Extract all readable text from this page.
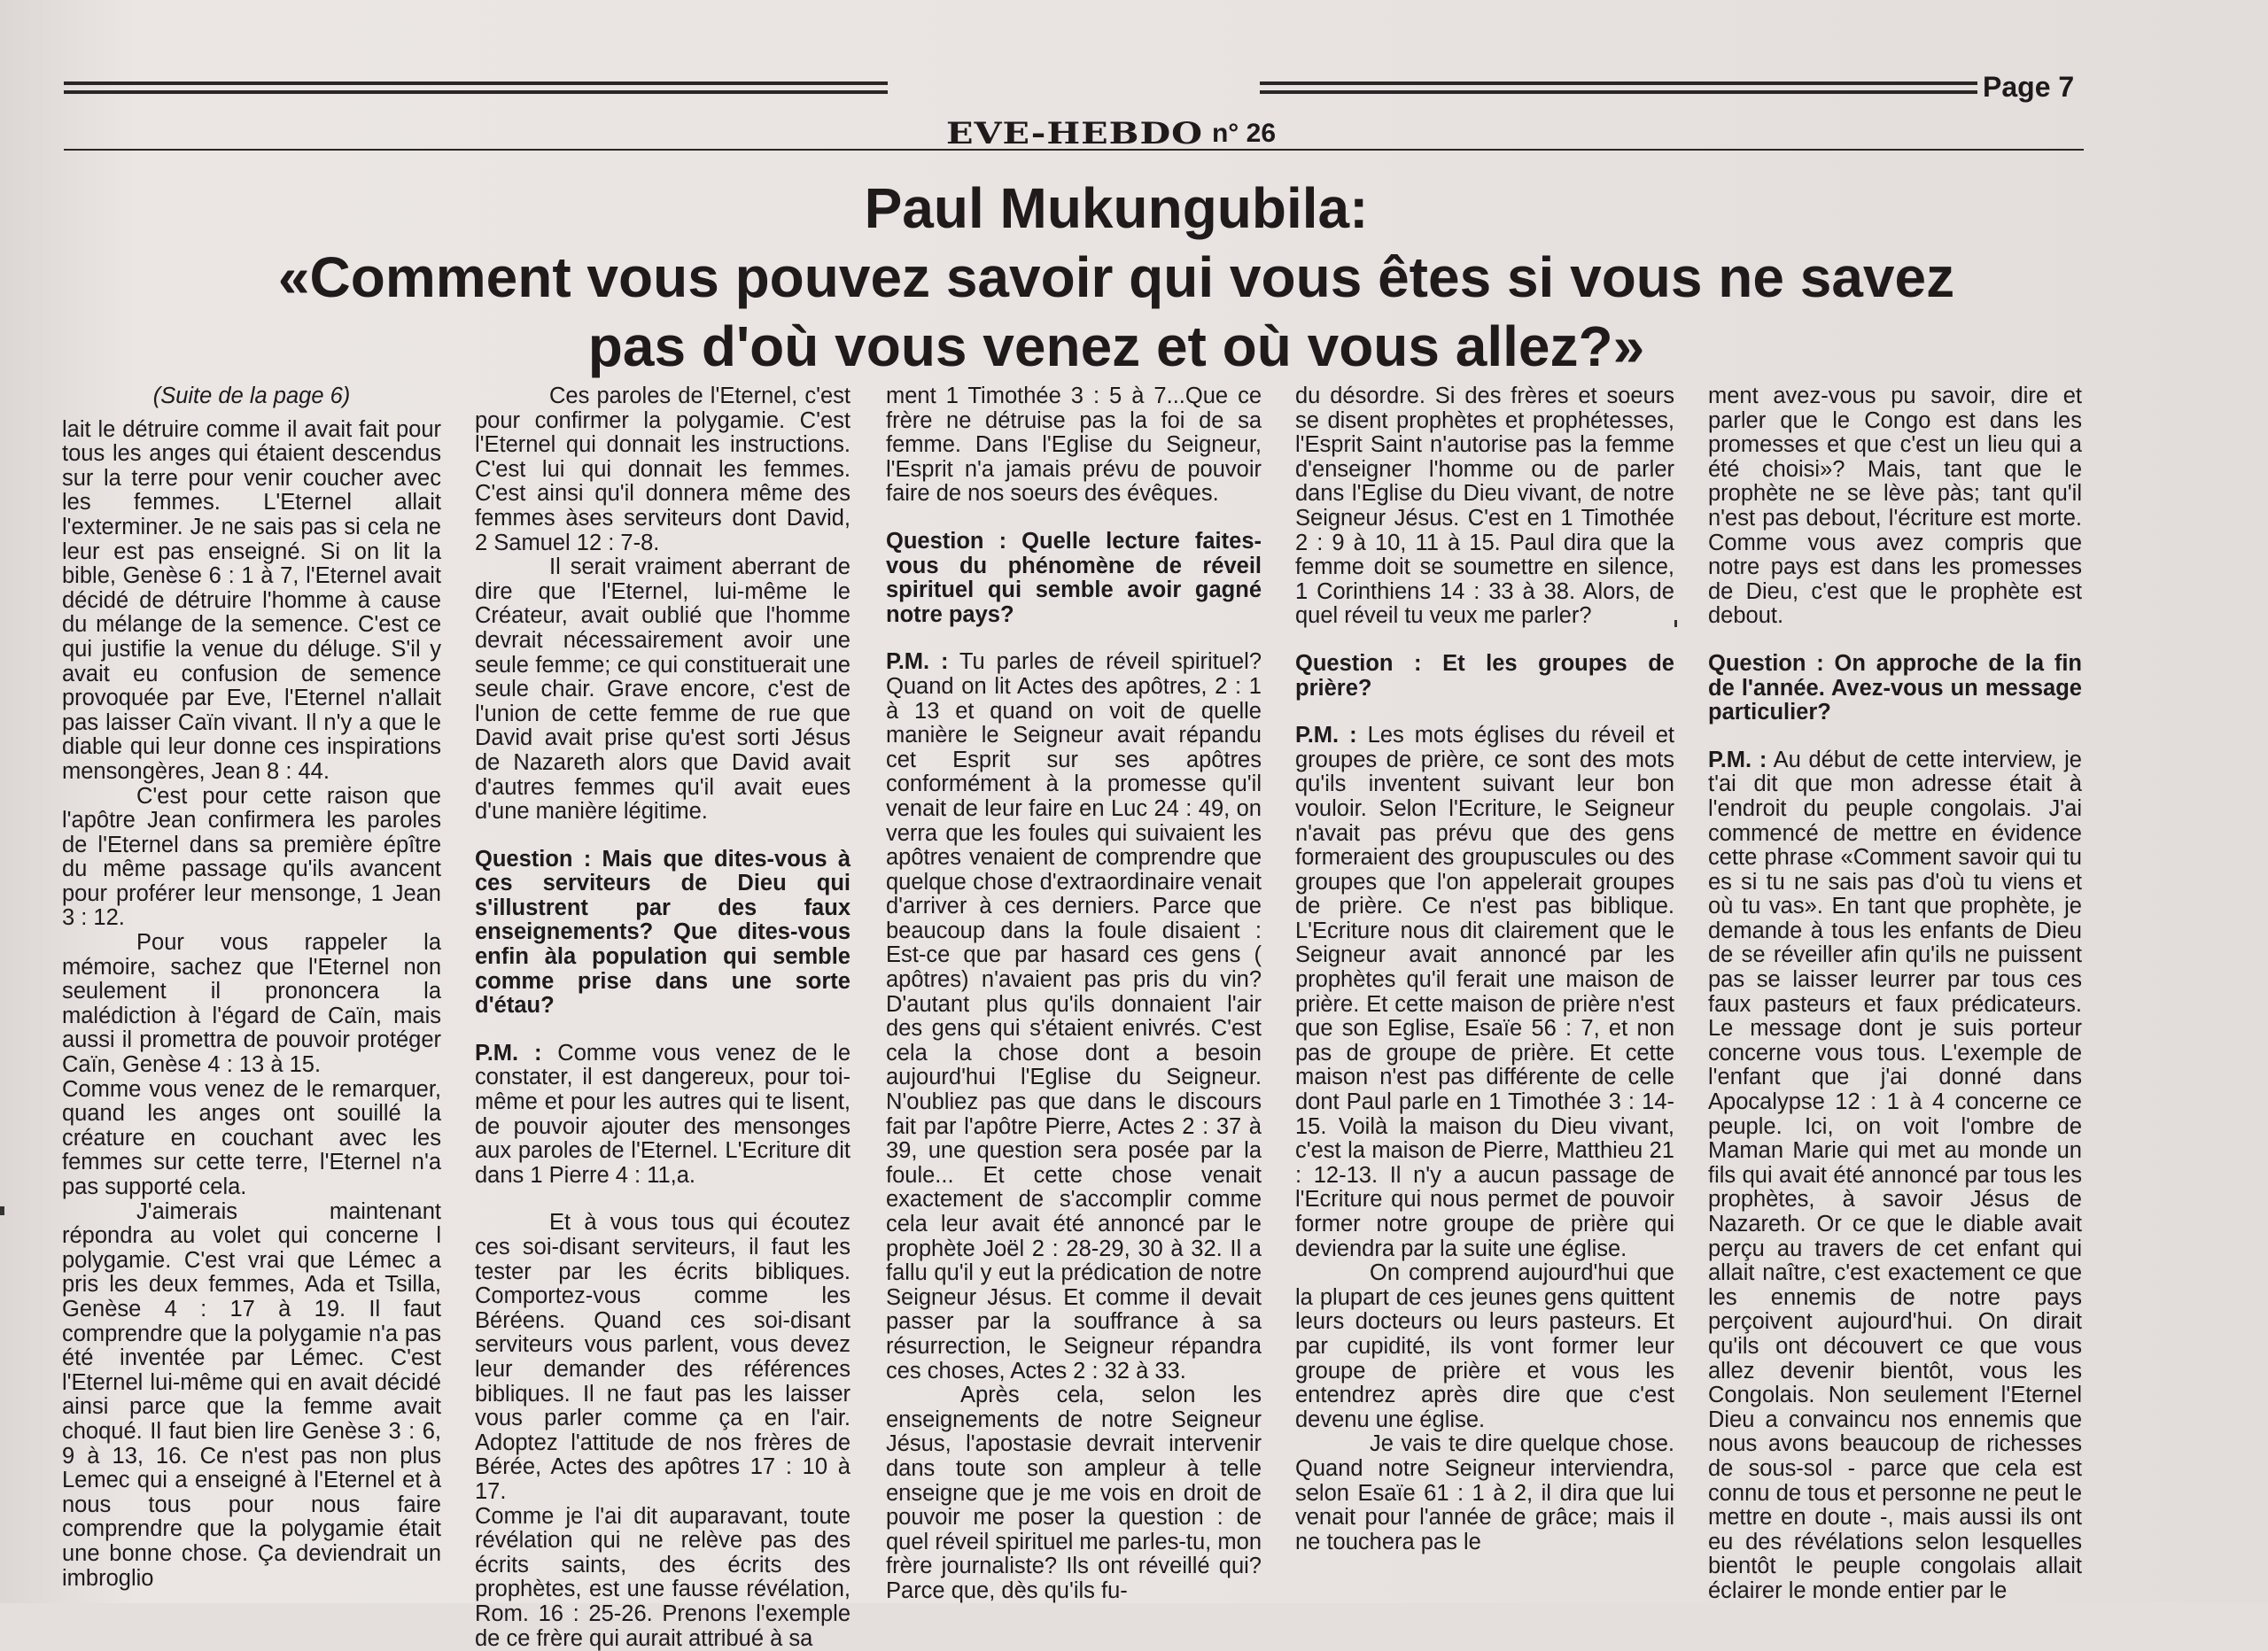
EVE-HEBDO n° 26
Page 7
Paul Mukungubila:
«Comment vous pouvez savoir qui vous êtes si vous ne savez
pas d'où vous venez et où vous allez?»
(Suite de la page 6)

lait le détruire comme il avait fait pour tous les anges qui étaient descendus sur la terre pour venir coucher avec les femmes. L'Eternel allait l'exterminer. Je ne sais pas si cela ne leur est pas enseigné. Si on lit la bible, Genèse 6 : 1 à 7, l'Eternel avait décidé de détruire l'homme à cause du mélange de la semence. C'est ce qui justifie la venue du déluge. S'il y avait eu confusion de semence provoquée par Eve, l'Eternel n'allait pas laisser Caïn vivant. Il n'y a que le diable qui leur donne ces inspirations mensongères, Jean 8 : 44.

C'est pour cette raison que l'apôtre Jean confirmera les paroles de l'Eternel dans sa première épître du même passage qu'ils avancent pour proférer leur mensonge, 1 Jean 3 : 12.

Pour vous rappeler la mémoire, sachez que l'Eternel non seulement il prononcera la malédiction à l'égard de Caïn, mais aussi il promettra de pouvoir protéger Caïn, Genèse 4 : 13 à 15.

Comme vous venez de le remarquer, quand les anges ont souillé la créature en couchant avec les femmes sur cette terre, l'Eternel n'a pas supporté cela.

J'aimerais maintenant répondra au volet qui concerne l polygamie. C'est vrai que Lémec a pris les deux femmes, Ada et Tsilla, Genèse 4 : 17 à 19. Il faut comprendre que la polygamie n'a pas été inventée par Lémec. C'est l'Eternel lui-même qui en avait décidé ainsi parce que la femme avait choqué. Il faut bien lire Genèse 3 : 6, 9 à 13, 16. Ce n'est pas non plus Lemec qui a enseigné à l'Eternel et à nous tous pour nous faire comprendre que la polygamie était une bonne chose. Ça deviendrait un imbroglio

Ces paroles de l'Eternel, c'est pour confirmer la polygamie. C'est l'Eternel qui donnait les instructions. C'est lui qui donnait les femmes. C'est ainsi qu'il donnera même des femmes àses serviteurs dont David, 2 Samuel 12 : 7-8.

Il serait vraiment aberrant de dire que l'Eternel, lui-même le Créateur, avait oublié que l'homme devrait nécessairement avoir une seule femme; ce qui constituerait une seule chair. Grave encore, c'est de l'union de cette femme de rue que David avait prise qu'est sorti Jésus de Nazareth alors que David avait d'autres femmes qu'il avait eues d'une manière légitime.

Question : Mais que dites-vous à ces serviteurs de Dieu qui s'illustrent par des faux enseignements? Que dites-vous enfin àla population qui semble comme prise dans une sorte d'étau?

P.M. : Comme vous venez de le constater, il est dangereux, pour toi-même et pour les autres qui te lisent, de pouvoir ajouter des mensonges aux paroles de l'Eternel. L'Ecriture dit dans 1 Pierre 4 : 11,a.

Et à vous tous qui écoutez ces soi-disant serviteurs, il faut les tester par les écrits bibliques. Comportez-vous comme les Béréens. Quand ces soi-disant serviteurs vous parlent, vous devez leur demander des références bibliques. Il ne faut pas les laisser vous parler comme ça en l'air. Adoptez l'attitude de nos frères de Bérée, Actes des apôtres 17 : 10 à 17.

Comme je l'ai dit auparavant, toute révélation qui ne relève pas des écrits saints, des écrits des prophètes, est une fausse révélation, Rom. 16 : 25-26. Prenons l'exemple de ce frère qui aurait attribué à sa

ment 1 Timothée 3 : 5 à 7...Que ce frère ne détruise pas la foi de sa femme. Dans l'Eglise du Seigneur, l'Esprit n'a jamais prévu de pouvoir faire de nos soeurs des évêques.

Question : Quelle lecture faites-vous du phénomène de réveil spirituel qui semble avoir gagné notre pays?

P.M. : Tu parles de réveil spirituel? Quand on lit Actes des apôtres, 2 : 1 à 13 et quand on voit de quelle manière le Seigneur avait répandu cet Esprit sur ses apôtres conformément à la promesse qu'il venait de leur faire en Luc 24 : 49, on verra que les foules qui suivaient les apôtres venaient de comprendre que quelque chose d'extraordinaire venait d'arriver à ces derniers. Parce que beaucoup dans la foule disaient : Est-ce que par hasard ces gens ( apôtres) n'avaient pas pris du vin? D'autant plus qu'ils donnaient l'air des gens qui s'étaient enivrés. C'est cela la chose dont a besoin aujourd'hui l'Eglise du Seigneur. N'oubliez pas que dans le discours fait par l'apôtre Pierre, Actes 2 : 37 à 39, une question sera posée par la foule... Et cette chose venait exactement de s'accomplir comme cela leur avait été annoncé par le prophète Joël 2 : 28-29, 30 à 32. Il a fallu qu'il y eut la prédication de notre Seigneur Jésus. Et comme il devait passer par la souffrance à sa résurrection, le Seigneur répandra ces choses, Actes 2 : 32 à 33.

Après cela, selon les enseignements de notre Seigneur Jésus, l'apostasie devrait intervenir dans toute son ampleur à telle enseigne que je me vois en droit de pouvoir me poser la question : de quel réveil spirituel me parles-tu, mon frère journaliste? Ils ont réveillé qui? Parce que, dès qu'ils fu-

du désordre. Si des frères et soeurs se disent prophètes et prophétesses, l'Esprit Saint n'autorise pas la femme d'enseigner l'homme ou de parler dans l'Eglise du Dieu vivant, de notre Seigneur Jésus. C'est en 1 Timothée 2 : 9 à 10, 11 à 15. Paul dira que la femme doit se soumettre en silence, 1 Corinthiens 14 : 33 à 38. Alors, de quel réveil tu veux me parler?

Question : Et les groupes de prière?

P.M. : Les mots églises du réveil et groupes de prière, ce sont des mots qu'ils inventent suivant leur bon vouloir. Selon l'Ecriture, le Seigneur n'avait pas prévu que des gens formeraient des groupuscules ou des groupes que l'on appelerait groupes de prière. Ce n'est pas biblique. L'Ecriture nous dit clairement que le Seigneur avait annoncé par les prophètes qu'il ferait une maison de prière. Et cette maison de prière n'est que son Eglise, Esaïe 56 : 7, et non pas de groupe de prière. Et cette maison n'est pas différente de celle dont Paul parle en 1 Timothée 3 : 14-15. Voilà la maison du Dieu vivant, c'est la maison de Pierre, Matthieu 21 : 12-13. Il n'y a aucun passage de l'Ecriture qui nous permet de pouvoir former notre groupe de prière qui deviendra par la suite une église.

On comprend aujourd'hui que la plupart de ces jeunes gens quittent leurs docteurs ou leurs pasteurs. Et par cupidité, ils vont former leur groupe de prière et vous les entendrez après dire que c'est devenu une église.

Je vais te dire quelque chose. Quand notre Seigneur interviendra, selon Esaïe 61 : 1 à 2, il dira que lui venait pour l'année de grâce; mais il ne touchera pas le

ment avez-vous pu savoir, dire et parler que le Congo est dans les promesses et que c'est un lieu qui a été choisi»? Mais, tant que le prophète ne se lève pàs; tant qu'il n'est pas debout, l'écriture est morte. Comme vous avez compris que notre pays est dans les promesses de Dieu, c'est que le prophète est debout.

Question : On approche de la fin de l'année. Avez-vous un message particulier?

P.M. : Au début de cette interview, je t'ai dit que mon adresse était à l'endroit du peuple congolais. J'ai commencé de mettre en évidence cette phrase «Comment savoir qui tu es si tu ne sais pas d'où tu viens et où tu vas». En tant que prophète, je demande à tous les enfants de Dieu de se réveiller afin qu'ils ne puissent pas se laisser leurrer par tous ces faux pasteurs et faux prédicateurs. Le message dont je suis porteur concerne vous tous. L'exemple de l'enfant que j'ai donné dans Apocalypse 12 : 1 à 4 concerne ce peuple. Ici, on voit l'ombre de Maman Marie qui met au monde un fils qui avait été annoncé par tous les prophètes, à savoir Jésus de Nazareth. Or ce que le diable avait perçu au travers de cet enfant qui allait naître, c'est exactement ce que les ennemis de notre pays perçoivent aujourd'hui. On dirait qu'ils ont découvert ce que vous allez devenir bientôt, vous les Congolais. Non seulement l'Eternel Dieu a convaincu nos ennemis que nous avons beaucoup de richesses de sous-sol - parce que cela est connu de tous et personne ne peut le mettre en doute -, mais aussi ils ont eu des révélations selon lesquelles bientôt le peuple congolais allait éclairer le monde entier par le
